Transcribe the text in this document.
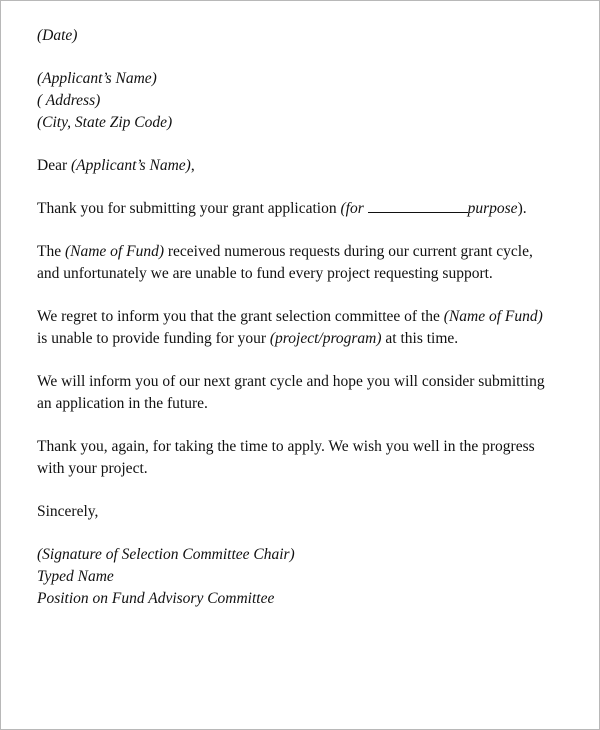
(Date)

(Applicant’s Name)
( Address)
(City, State Zip Code)

Dear (Applicant’s Name),

Thank you for submitting your grant application (for	purpose).

The (Name of Fund) received numerous requests during our current grant cycle, and unfortunately we are unable to fund every project requesting support.

We regret to inform you that the grant selection committee of the (Name of Fund) is unable to provide funding for your (project/program) at this time.

We will inform you of our next grant cycle and hope you will consider submitting an application in the future.

Thank you, again, for taking the time to apply. We wish you well in the progress with your project.

Sincerely,

(Signature of Selection Committee Chair)
Typed Name
Position on Fund Advisory Committee
